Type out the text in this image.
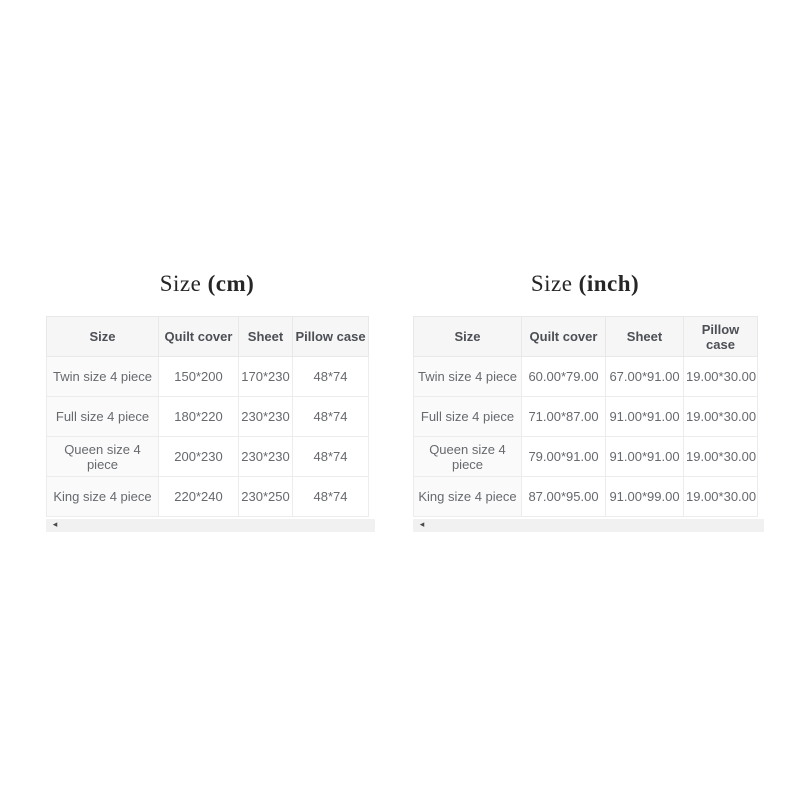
Size (cm)
Size	Quilt cover	Sheet	Pillow case
Twin size 4 piece	150*200	170*230	48*74
Full size 4 piece	180*220	230*230	48*74
Queen size 4 piece	200*230	230*230	48*74
King size 4 piece	220*240	230*250	48*74
◂
Size (inch)
Size	Quilt cover	Sheet	Pillow case
Twin size 4 piece	60.00*79.00	67.00*91.00	19.00*30.00
Full size 4 piece	71.00*87.00	91.00*91.00	19.00*30.00
Queen size 4 piece	79.00*91.00	91.00*91.00	19.00*30.00
King size 4 piece	87.00*95.00	91.00*99.00	19.00*30.00
◂
